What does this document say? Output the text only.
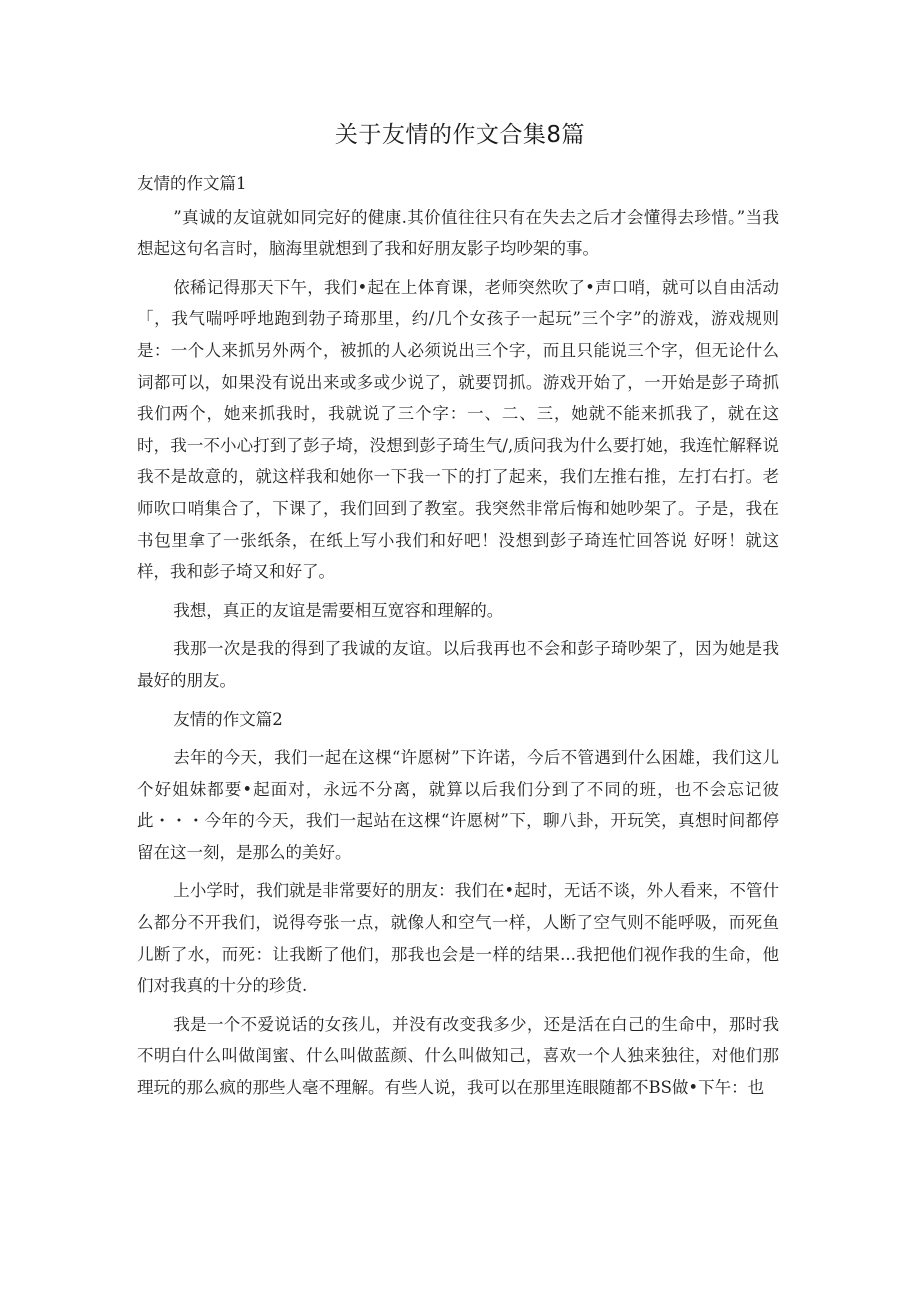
关于友情的作文合集8篇

友情的作文篇1

”真诚的友谊就如同完好的健康.其价值往往只有在失去之后才会懂得去珍惜。”当我想起这句名言时，脑海里就想到了我和好朋友影子均吵架的事。

依稀记得那天下午，我们•起在上体育课，老师突然吹了•声口哨，就可以自由活动「，我气喘呼呼地跑到勃子琦那里，约/几个女孩子一起玩”三个字”的游戏，游戏规则是：一个人来抓另外两个，被抓的人必须说出三个字，而且只能说三个字，但无论什么词都可以，如果没有说出来或多或少说了，就要罚抓。游戏开始了，一开始是彭子琦抓我们两个，她来抓我时，我就说了三个字：一、二、三，她就不能来抓我了，就在这时，我一不小心打到了彭子埼，没想到彭子琦生气/,质问我为什么要打她，我连忙解释说我不是故意的，就这样我和她你一下我一下的打了起来，我们左推右推，左打右打。老师吹口哨集合了，下课了，我们回到了教室。我突然非常后悔和她吵架了。子是，我在书包里拿了一张纸条，在纸上写小我们和好吧！没想到彭子琦连忙回答说 好呀！就这样，我和彭子埼又和好了。

我想，真正的友谊是需要相互宽容和理解的。

我那一次是我的得到了我诚的友谊。以后我再也不会和彭子琦吵架了，因为她是我最好的朋友。

友情的作文篇2

去年的今天，我们一起在这棵“许愿树”下许诺，今后不管遇到什么困雄，我们这儿个好姐妹都要•起面对，永远不分离，就算以后我们分到了不同的班，也不会忘记彼此・・・今年的今天，我们一起站在这棵“许愿树”下，聊八卦，开玩笑，真想时间都停留在这一刻，是那么的美好。

上小学时，我们就是非常要好的朋友：我们在•起时，无话不谈，外人看来，不管什么都分不开我们，说得夸张一点，就像人和空气一样，人断了空气则不能呼吸，而死鱼儿断了水，而死：让我断了他们，那我也会是一样的结果...我把他们视作我的生命，他们对我真的十分的珍货.

我是一个不爱说话的女孩儿，并没有改变我多少，还是活在白己的生命中，那时我不明白什么叫做闺蜜、什么叫做蓝颜、什么叫做知己，喜欢一个人独来独往，对他们那理玩的那么疯的那些人毫不理解。有些人说，我可以在那里连眼随都不BS做•下午：也
